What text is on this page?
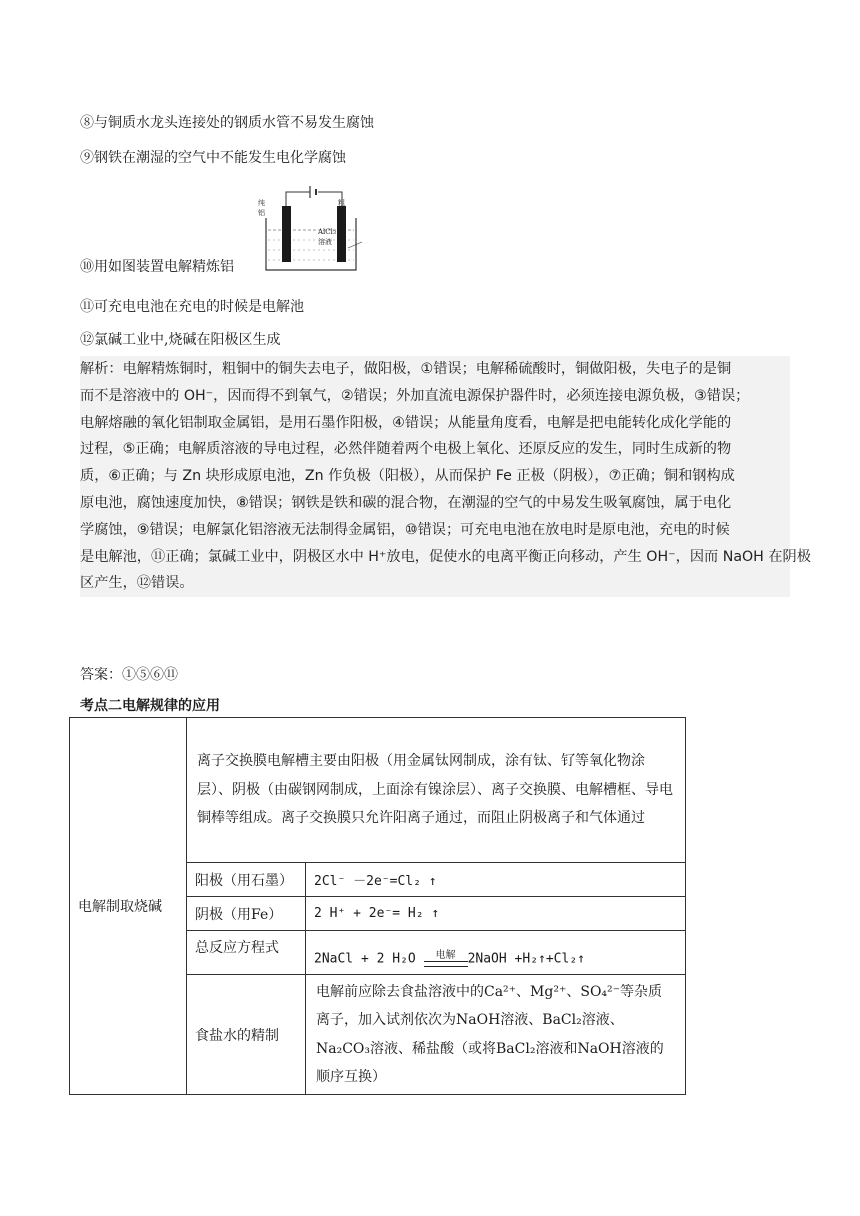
⑧与铜质水龙头连接处的钢质水管不易发生腐蚀
⑨钢铁在潮湿的空气中不能发生电化学腐蚀
⑩用如图装置电解精炼铝
纯铝
粗铝
AlCl3
溶液
⑪可充电电池在充电的时候是电解池
⑫氯碱工业中,烧碱在阳极区生成

解析：电解精炼铜时，粗铜中的铜失去电子，做阳极，①错误；电解稀硫酸时，铜做阳极，失电子的是铜

而不是溶液中的 OH⁻，因而得不到氧气，②错误；外加直流电源保护器件时，必须连接电源负极，③错误；

电解熔融的氧化铝制取金属铝，是用石墨作阳极，④错误；从能量角度看，电解是把电能转化成化学能的

过程，⑤正确；电解质溶液的导电过程，必然伴随着两个电极上氧化、还原反应的发生，同时生成新的物

质，⑥正确；与 Zn 块形成原电池，Zn 作负极（阳极），从而保护 Fe 正极（阴极），⑦正确；铜和钢构成

原电池，腐蚀速度加快，⑧错误；钢铁是铁和碳的混合物，在潮湿的空气的中易发生吸氧腐蚀，属于电化

学腐蚀，⑨错误；电解氯化铝溶液无法制得金属铝，⑩错误；可充电电池在放电时是原电池，充电的时候

是电解池，⑪正确；氯碱工业中，阴极区水中 H⁺放电，促使水的电离平衡正向移动，产生 OH⁻，因而 NaOH 在阴极

区产生，⑫错误。

答案：①⑤⑥⑪
考点二电解规律的应用
电解制取烧碱	离子交换膜电解槽主要由阳极（用金属钛网制成，涂有钛、钌等氧化物涂层）、阴极（由碳钢网制成，上面涂有镍涂层）、离子交换膜、电解槽框、导电铜棒等组成。离子交换膜只允许阳离子通过，而阻止阴极离子和气体通过	
	阳极（用石墨）	2Cl⁻ －2e⁻=Cl₂ ↑
	阴极（用Fe）	2 H⁺ + 2e⁻= H₂ ↑
	总反应方程式	2NaCl + 2 H₂O 电解 2NaOH +H₂↑+Cl₂↑
	食盐水的精制	电解前应除去食盐溶液中的Ca²⁺、Mg²⁺、SO₄²⁻等杂质离子，加入试剂依次为NaOH溶液、BaCl₂溶液、Na₂CO₃溶液、稀盐酸（或将BaCl₂溶液和NaOH溶液的顺序互换）
